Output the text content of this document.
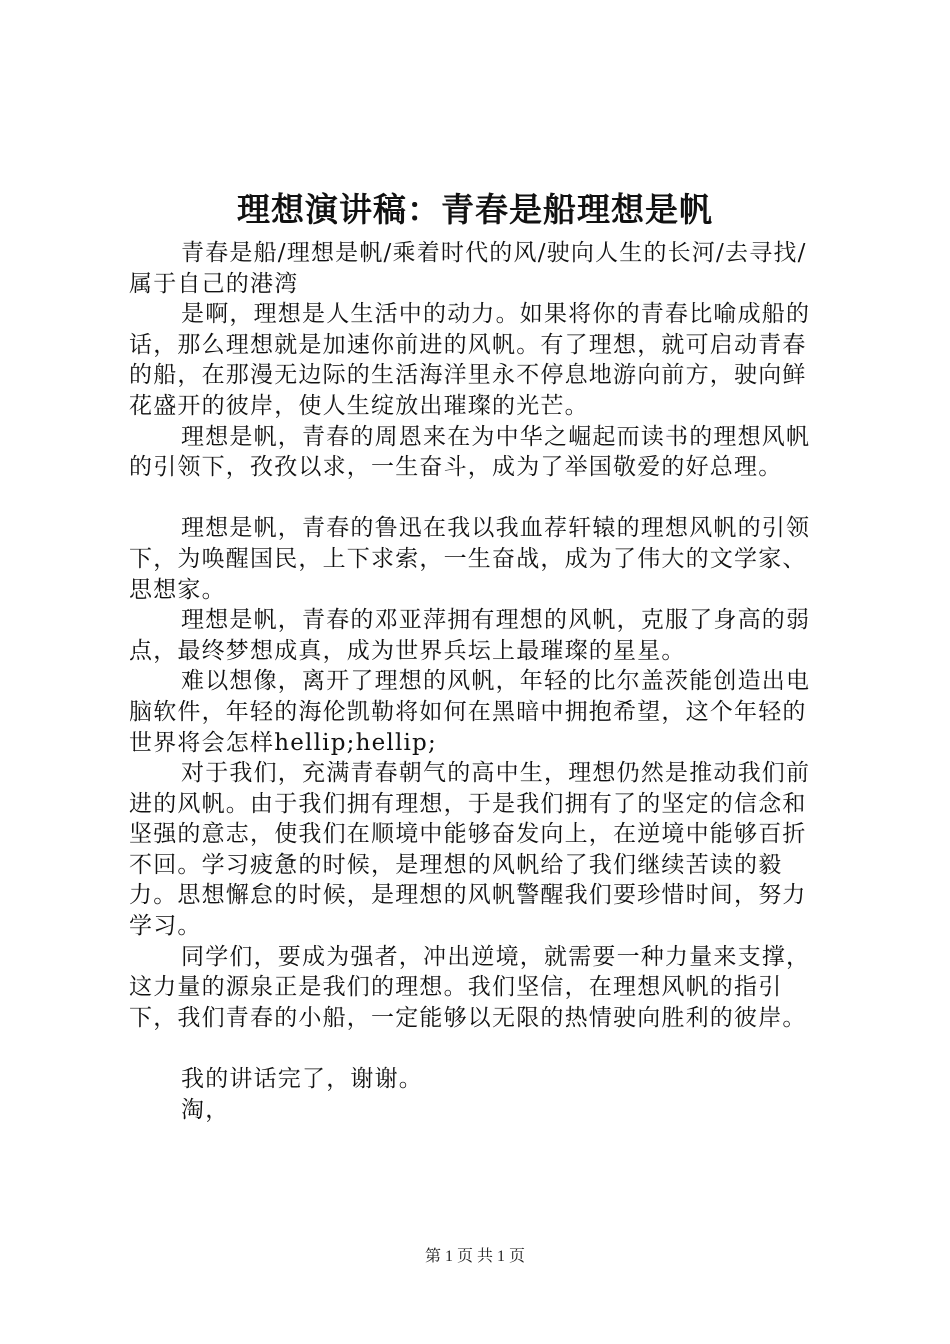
理想演讲稿：青春是船理想是帆

青春是船/理想是帆/乘着时代的风/驶向人生的长河/去寻找/属于自己的港湾

是啊，理想是人生活中的动力。如果将你的青春比喻成船的话，那么理想就是加速你前进的风帆。有了理想，就可启动青春的船，在那漫无边际的生活海洋里永不停息地游向前方，驶向鲜花盛开的彼岸，使人生绽放出璀璨的光芒。

理想是帆，青春的周恩来在为中华之崛起而读书的理想风帆的引领下，孜孜以求，一生奋斗，成为了举国敬爱的好总理。

理想是帆，青春的鲁迅在我以我血荐轩辕的理想风帆的引领下，为唤醒国民，上下求索，一生奋战，成为了伟大的文学家、思想家。

理想是帆，青春的邓亚萍拥有理想的风帆，克服了身高的弱点，最终梦想成真，成为世界兵坛上最璀璨的星星。

难以想像，离开了理想的风帆，年轻的比尔盖茨能创造出电脑软件，年轻的海伦凯勒将如何在黑暗中拥抱希望，这个年轻的世界将会怎样hellip;hellip;

对于我们，充满青春朝气的高中生，理想仍然是推动我们前进的风帆。由于我们拥有理想，于是我们拥有了的坚定的信念和坚强的意志，使我们在顺境中能够奋发向上，在逆境中能够百折不回。学习疲惫的时候，是理想的风帆给了我们继续苦读的毅力。思想懈怠的时候，是理想的风帆警醒我们要珍惜时间，努力学习。

同学们，要成为强者，冲出逆境，就需要一种力量来支撑，这力量的源泉正是我们的理想。我们坚信，在理想风帆的指引下，我们青春的小船，一定能够以无限的热情驶向胜利的彼岸。

我的讲话完了，谢谢。

淘，

第 1 页 共 1 页
